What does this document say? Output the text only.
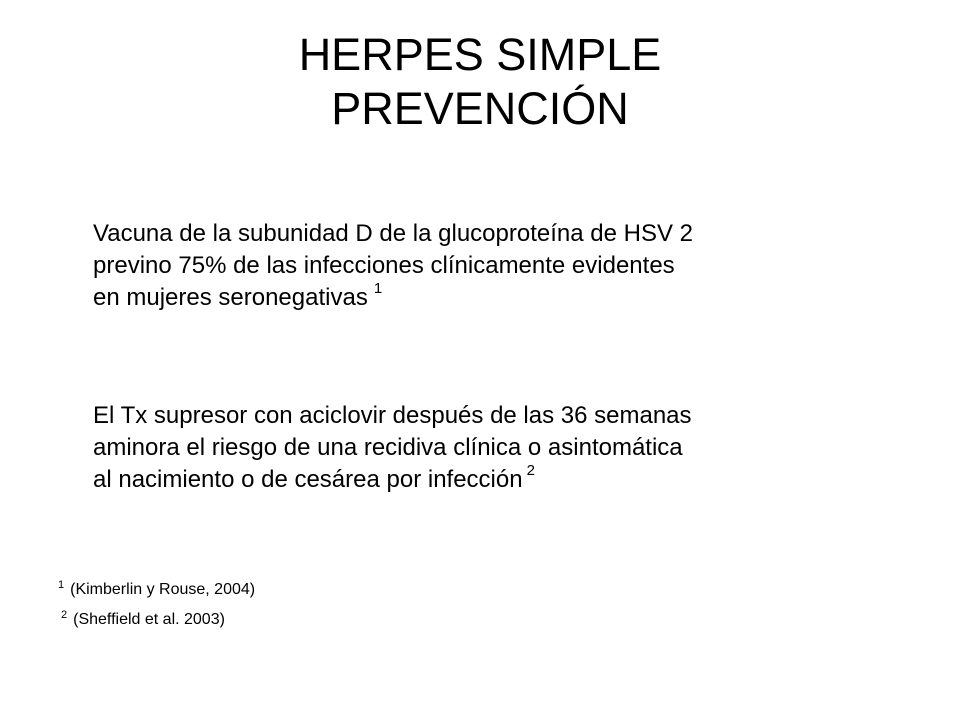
HERPES SIMPLE
PREVENCIÓN
Vacuna de la subunidad D de la glucoproteína de HSV 2
previno 75% de las infecciones clínicamente evidentes
en mujeres seronegativas $^1$
El Tx supresor con aciclovir después de las 36 semanas
aminora el riesgo de una recidiva clínica o asintomática
al nacimiento o de cesárea por infección $^2$
$^1$ (Kimberlin y Rouse, 2004)
$^2$ (Sheffield et al. 2003)
